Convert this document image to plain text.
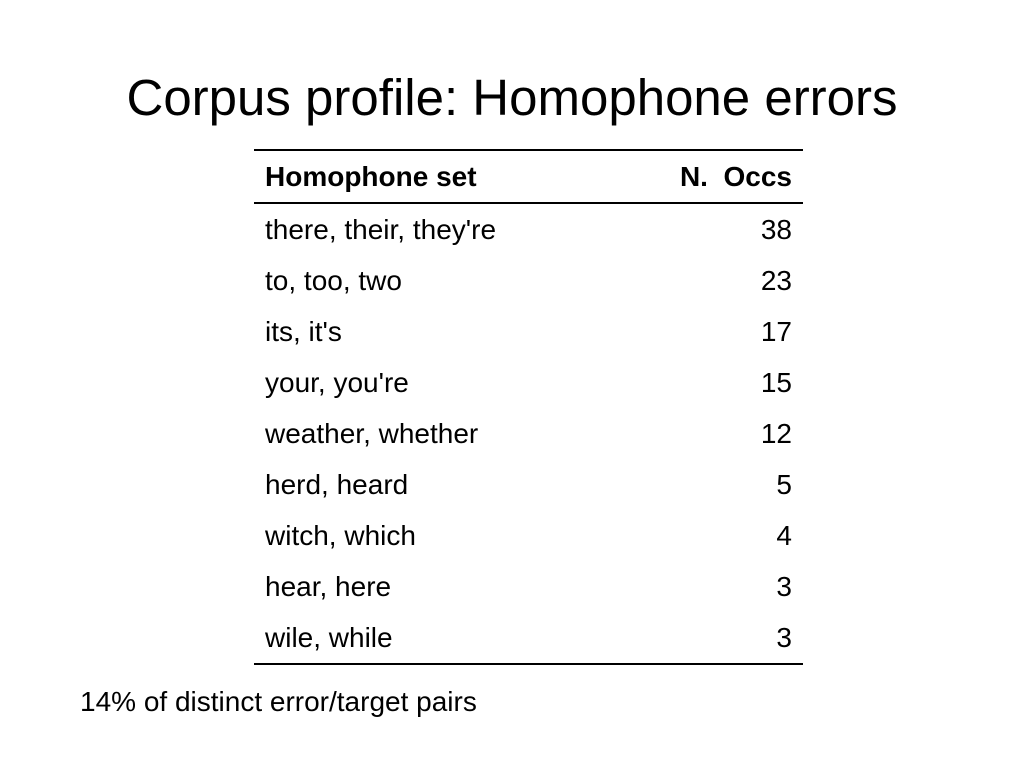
Corpus profile: Homophone errors
Homophone set	N.  Occs
there, their, they're	38
to, too, two	23
its, it's	17
your, you're	15
weather, whether	12
herd, heard	5
witch, which	4
hear, here	3
wile, while	3

14% of distinct error/target pairs
